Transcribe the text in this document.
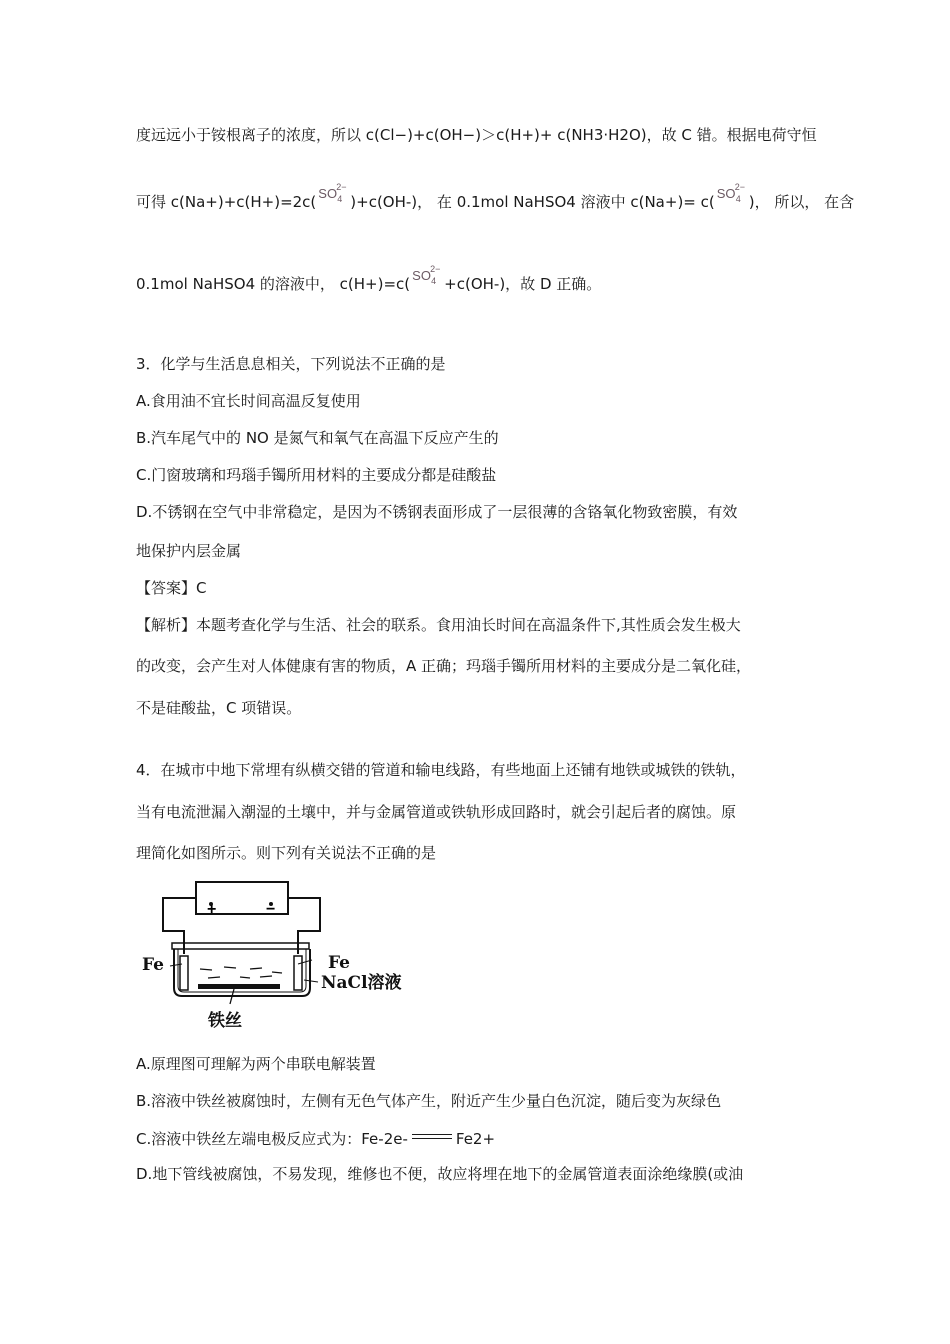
度远远小于铵根离子的浓度，所以 c(Cl−)+c(OH−)＞c(H+)+ c(NH3·H2O)，故 C 错。根据电荷守恒
可得 c(Na+)+c(H+)=2c( SO 2−
4 )+c(OH-)， 在 0.1mol NaHSO4 溶液中 c(Na+)= c( SO 2−
4 )， 所以， 在含
0.1mol NaHSO4 的溶液中， c(H+)=c( SO 2−
4 +c(OH-)，故 D 正确。
3．化学与生活息息相关，下列说法不正确的是
A.食用油不宜长时间高温反复使用
B.汽车尾气中的 NO 是氮气和氧气在高温下反应产生的
C.门窗玻璃和玛瑙手镯所用材料的主要成分都是硅酸盐
D.不锈钢在空气中非常稳定，是因为不锈钢表面形成了一层很薄的含铬氧化物致密膜，有效
地保护内层金属
【答案】C
【解析】本题考查化学与生活、社会的联系。食用油长时间在高温条件下,其性质会发生极大
的改变，会产生对人体健康有害的物质，A 正确；玛瑙手镯所用材料的主要成分是二氧化硅，
不是硅酸盐，C 项错误。
4．在城市中地下常埋有纵横交错的管道和输电线路，有些地面上还铺有地铁或城铁的铁轨，
当有电流泄漏入潮湿的土壤中，并与金属管道或铁轨形成回路时，就会引起后者的腐蚀。原
理简化如图所示。则下列有关说法不正确的是
+	−
Fe	Fe
NaCl溶液
铁丝
A.原理图可理解为两个串联电解装置
B.溶液中铁丝被腐蚀时，左侧有无色气体产生，附近产生少量白色沉淀，随后变为灰绿色
C.溶液中铁丝左端电极反应式为：Fe-2e-	Fe2+
D.地下管线被腐蚀，不易发现，维修也不便，故应将埋在地下的金属管道表面涂绝缘膜(或油
